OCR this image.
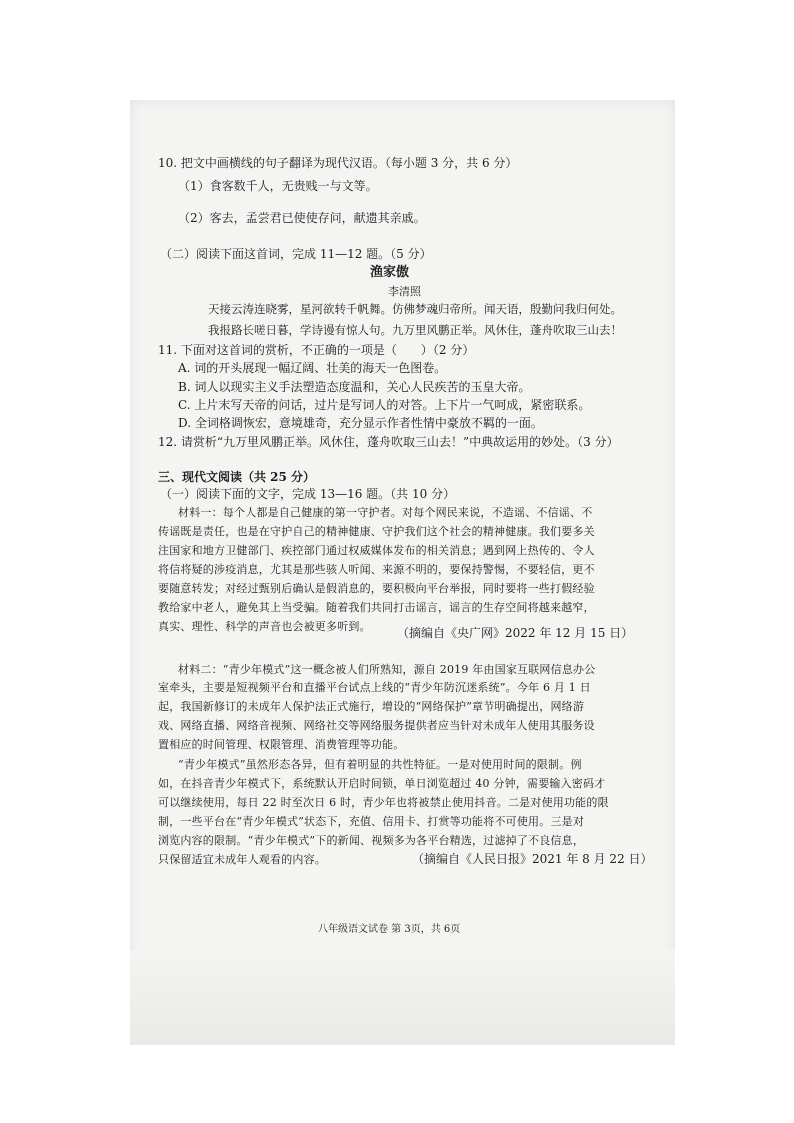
10. 把文中画横线的句子翻译为现代汉语。（每小题 3 分，共 6 分）
（1）食客数千人，无贵贱一与文等。
（2）客去，孟尝君已使使存问，献遗其亲戚。
（二）阅读下面这首词，完成 11—12 题。（5 分）
渔家傲
李清照
天接云涛连晓雾，星河欲转千帆舞。仿佛梦魂归帝所。闻天语，殷勤问我归何处。
我报路长嗟日暮，学诗谩有惊人句。九万里风鹏正举。风休住，蓬舟吹取三山去！
11. 下面对这首词的赏析，不正确的一项是（　　）（2 分）
A. 词的开头展现一幅辽阔、壮美的海天一色图卷。
B. 词人以现实主义手法塑造态度温和，关心人民疾苦的玉皇大帝。
C. 上片末写天帝的问话，过片是写词人的对答。上下片一气呵成，紧密联系。
D. 全词格调恢宏，意境雄奇，充分显示作者性情中豪放不羁的一面。
12. 请赏析“九万里风鹏正举。风休住，蓬舟吹取三山去！”中典故运用的妙处。（3 分）
三、现代文阅读（共 25 分）
（一）阅读下面的文字，完成 13—16 题。（共 10 分）
材料一：每个人都是自己健康的第一守护者。对每个网民来说，不造谣、不信谣、不
传谣既是责任，也是在守护自己的精神健康、守护我们这个社会的精神健康。我们要多关
注国家和地方卫健部门、疾控部门通过权威媒体发布的相关消息；遇到网上热传的、令人
将信将疑的涉疫消息，尤其是那些骇人听闻、来源不明的，要保持警惕，不要轻信，更不
要随意转发；对经过甄别后确认是假消息的，要积极向平台举报，同时要将一些打假经验
教给家中老人，避免其上当受骗。随着我们共同打击谣言，谣言的生存空间将越来越窄，
真实、理性、科学的声音也会被更多听到。 （摘编自《央广网》2022 年 12 月 15 日）
材料二：“青少年模式”这一概念被人们所熟知，源自 2019 年由国家互联网信息办公
室牵头，主要是短视频平台和直播平台试点上线的“青少年防沉迷系统”。今年 6 月 1 日
起，我国新修订的未成年人保护法正式施行，增设的“网络保护”章节明确提出，网络游
戏、网络直播、网络音视频、网络社交等网络服务提供者应当针对未成年人使用其服务设
置相应的时间管理、权限管理、消费管理等功能。
“青少年模式”虽然形态各异，但有着明显的共性特征。一是对使用时间的限制。例
如，在抖音青少年模式下，系统默认开启时间锁，单日浏览超过 40 分钟，需要输入密码才
可以继续使用，每日 22 时至次日 6 时，青少年也将被禁止使用抖音。二是对使用功能的限
制，一些平台在“青少年模式”状态下，充值、信用卡、打赏等功能将不可使用。三是对
浏览内容的限制。“青少年模式”下的新闻、视频多为各平台精选，过滤掉了不良信息，
只保留适宜未成年人观看的内容。	（摘编自《人民日报》2021 年 8 月 22 日）
八年级语文试卷 第 3页，共 6页
